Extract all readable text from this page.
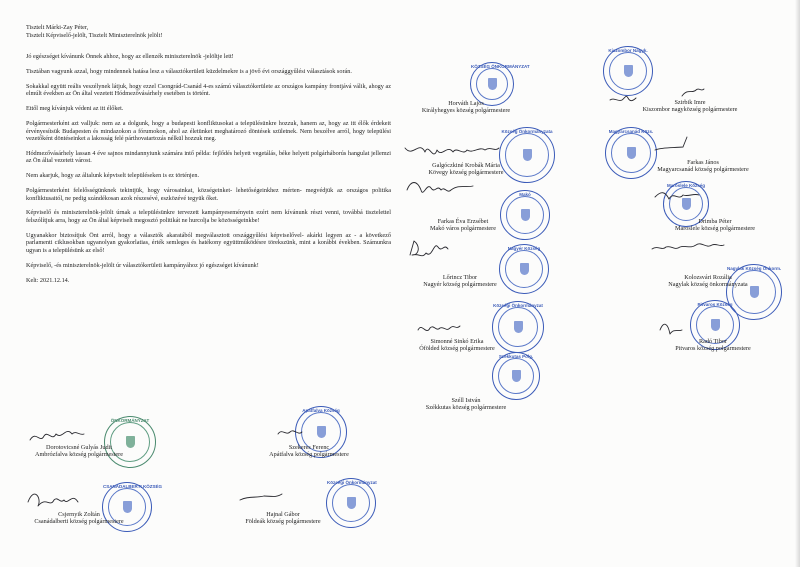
Tisztelt Márki-Zay Péter,

Tisztelt Képviselő-jelölt, Tisztelt Miniszterelnök jelölt!

Jó egészséget kívánunk Önnek ahhoz, hogy az ellenzék miniszterelnök -jelöltje lett!

Tisztában vagyunk azzal, hogy mindennek hatása lesz a választókerületi küzdelmekre is a jövő évi országgyűlési választások során.

Sokakkal együtt reális veszélynek látjuk, hogy ezzel Csongrád-Csanád 4-es számú választókerülete az országos kampány frontjává válik, ahogy az elmúlt években az Ön által vezetett Hódmezővásárhely esetében is történt.

Ettől meg kívánjuk védeni az itt élőket.

Polgármesterként azt valljuk: nem az a dolgunk, hogy a budapesti konfliktusokat a településünkre hozzuk, hanem az, hogy az itt élők érdekeit érvényesítsük Budapesten és mindazokon a fórumokon, ahol az életünket meghatározó döntések születnek. Nem beszélve arról, hogy települési vezetőként döntéseinket a lakosság felé párthovatartozás nélkül hozzuk meg.

Hódmezővásárhely lassan 4 éve sajnos mindannyiunk számára intő példa: fejlődés helyett vegetálás, béke helyett polgárháborús hangulat jellemzi az Ön által vezetett várost.

Nem akarjuk, hogy az általunk képviselt településeken is ez történjen.

Polgármesterként felelősségünknek tekintjük, hogy városainkat, községeinket- lehetőségeinkhez mérten- megvédjük az országos politika konfliktusaitól, ne pedig szándékosan azok részesévé, eszközévé tegyük őket.

Képviselő és miniszterelnök-jelölt úrnak a településünkre tervezett kampányeseményein ezért nem kívánunk részt venni, továbbá tisztelettel felszólítjuk arra, hogy az Ön által képviselt megosztó politikát ne hurcolja be közösségeinkbe!

Ugyanakkor biztosítjuk Önt arról, hogy a választók akaratából megválasztott országgyűlési képviselővel- akárki legyen az - a következő parlamenti ciklusokban ugyanolyan gyakorlatias, érték semleges és hatékony együttműködésre törekszünk, mint a korábbi években. Számunkra ugyan is a településünk az első!

Képviselő, -és miniszterelnök-jelölt úr választókerületi kampányához jó egészséget kívánunk!

Kelt: 2021.12.14.

KÖZSÉG ÖNKORMÁNYZAT
Kiszombor Nagyk.
Község Önkormányzata	Magyarcsanád Közs.
Makó
Maroslele Község
Nagyér Község
Nagylak Község Önkorm.
Községi Önkormányzat	Pitvaros Község
Székkutas Polg.
ÖNKORMÁNYZAT
Apátfalva Község
CSANÁDALBERTI KÖZSÉG
Községi Önkormányzat
Horváth Lajos
Királyhegyes község polgármestere
Szirbik Imre
Kiszombor nagyközség polgármestere
Galgóczkiné Krobák Mária
Kövegy község polgármestere
Farkas János
Magyarcsanád község polgármestere
Farkas Éva Erzsébet
Makó város polgármestere
Drimba Péter
Maroslele község polgármestere
Lőrincz Tibor
Nagyér község polgármestere
Kolozsvári Rozália
Nagylak község önkormányzata
Simonné Sinkó Erika
Ófölded község polgármestere
Radó Tibor
Pitvaros község polgármestere
Széll István
Székkutas község polgármestere
Dorotovicsné Gulyás Judit
Ambrózfalva község polgármestere
Szekeres Ferenc
Apátfalva község polgármestere
Csjernyik Zoltán
Csanádalberti község polgármestere
Hajnal Gábor
Földeák község polgármestere
